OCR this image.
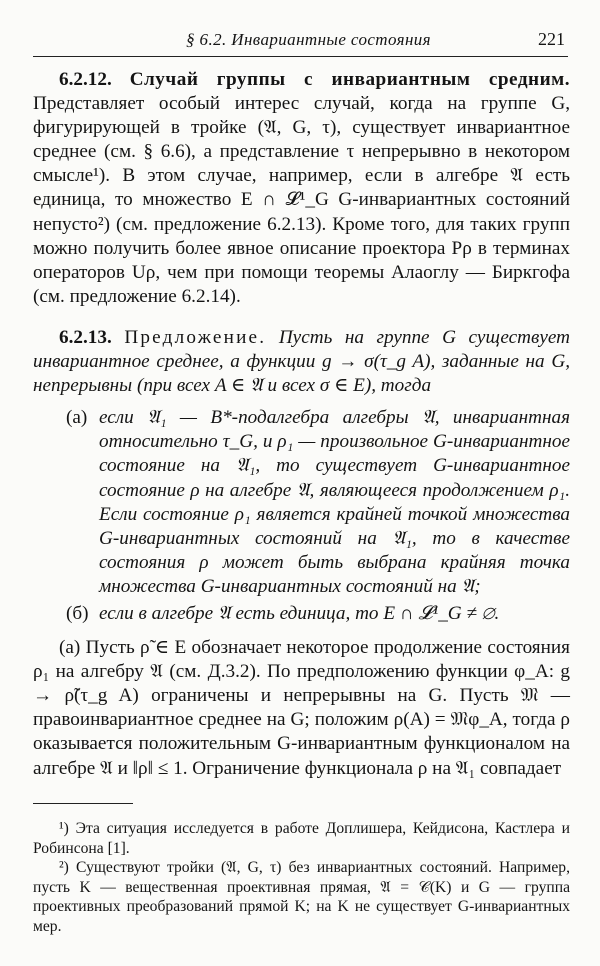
§ 6.2. Инвариантные состояния	221

6.2.12. Случай группы с инвариантным средним. Представляет особый интерес случай, когда на группе G, фигурирующей в тройке (𝔄, G, τ), существует инвариантное среднее (см. § 6.6), а представление τ непрерывно в некотором смысле¹). В этом случае, например, если в алгебре 𝔄 есть единица, то множество E ∩ 𝓛¹_G G-инвариантных состояний непусто²) (см. предложение 6.2.13). Кроме того, для таких групп можно получить более явное описание проектора Pρ в терминах операторов Uρ, чем при помощи теоремы Алаоглу — Биркгофа (см. предложение 6.2.14).

6.2.13. Предложение. Пусть на группе G существует инвариантное среднее, а функции g → σ(τ_g A), заданные на G, непрерывны (при всех A ∈ 𝔄 и всех σ ∈ E), тогда

(а) если 𝔄₁ — B*-подалгебра алгебры 𝔄, инвариантная относительно τ_G, и ρ₁ — произвольное G-инвариантное состояние на 𝔄₁, то существует G-инвариантное состояние ρ на алгебре 𝔄, являющееся продолжением ρ₁. Если состояние ρ₁ является крайней точкой множества G-инвариантных состояний на 𝔄₁, то в качестве состояния ρ может быть выбрана крайняя точка множества G-инвариантных состояний на 𝔄;

(б) если в алгебре 𝔄 есть единица, то E ∩ 𝓛¹_G ≠ ∅.

(а) Пусть ρ̃ ∈ E обозначает некоторое продолжение состояния ρ₁ на алгебру 𝔄 (см. Д.3.2). По предположению функции φ_A: g → ρ̃(τ_g A) ограничены и непрерывны на G. Пусть 𝔐 — правоинвариантное среднее на G; положим ρ(A) = 𝔐φ_A, тогда ρ оказывается положительным G-инвариантным функционалом на алгебре 𝔄 и ‖ρ‖ ≤ 1. Ограничение функционала ρ на 𝔄₁ совпадает

¹) Эта ситуация исследуется в работе Доплишера, Кейдисона, Кастлера и Робинсона [1].

²) Существуют тройки (𝔄, G, τ) без инвариантных состояний. Например, пусть K — вещественная проективная прямая, 𝔄 = 𝒞(K) и G — группа проективных преобразований прямой K; на K не существует G-инвариантных мер.
